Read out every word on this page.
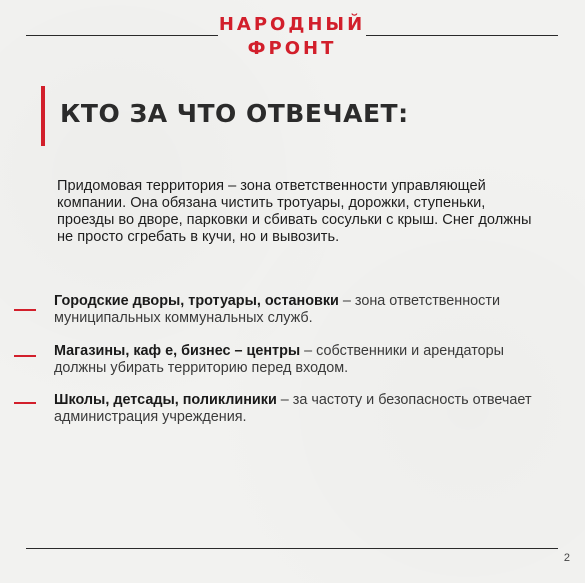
НАРОДНЫЙ
ФРОНТ
КТО ЗА ЧТО ОТВЕЧАЕТ:

Придомовая территория – зона ответственности управляющей компании. Она обязана чистить тротуары, дорожки, ступеньки, проезды во дворе, парковки и сбивать сосульки с крыш. Снег должны не просто сгребать в кучи, но и вывозить.

Городские дворы, тротуары, остановки – зона ответственности муниципальных коммунальных служб.
Магазины, каф е, бизнес – центры – собственники и арендаторы должны убирать территорию перед входом.
Школы, детсады, поликлиники – за частоту и безопасность отвечает администрация учреждения.
2
